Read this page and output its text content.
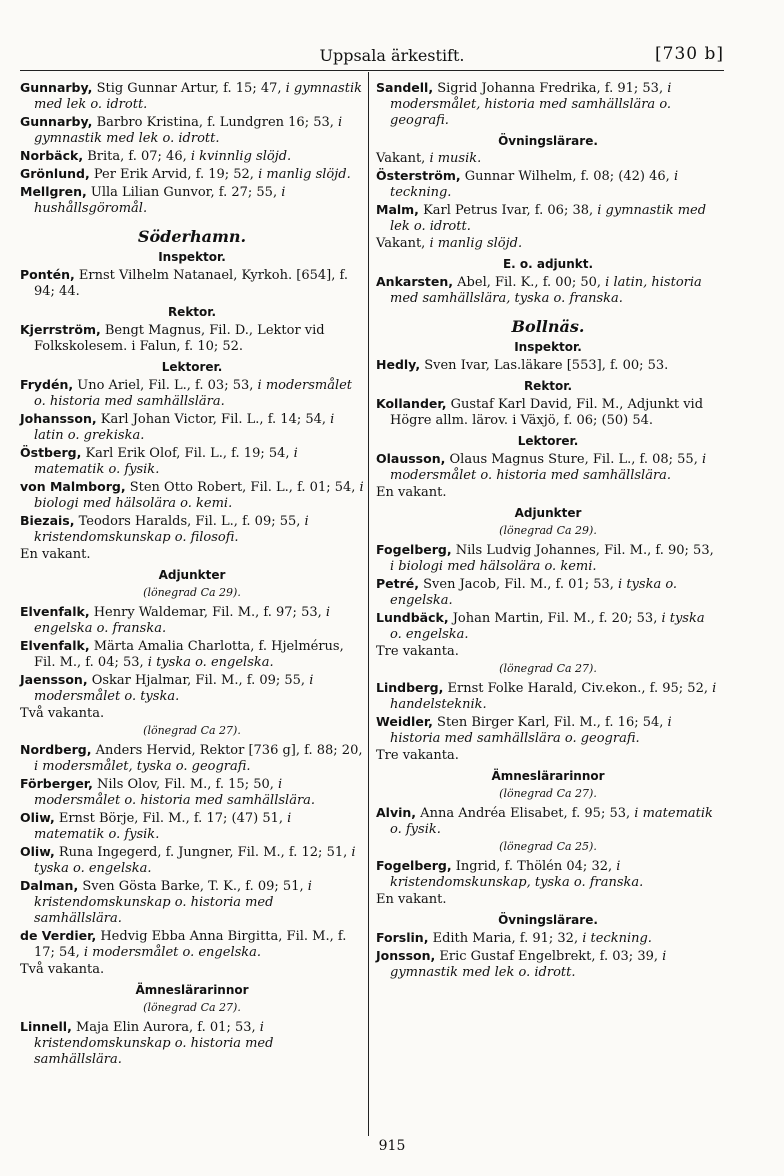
Uppsala ärkestift.	[730 b]
Gunnarby, Stig Gunnar Artur, f. 15; 47, i gymnastik med lek o. idrott.
Gunnarby, Barbro Kristina, f. Lundgren 16; 53, i gymnastik med lek o. idrott.
Norbäck, Brita, f. 07; 46, i kvinnlig slöjd.
Grönlund, Per Erik Arvid, f. 19; 52, i manlig slöjd.
Mellgren, Ulla Lilian Gunvor, f. 27; 55, i hushållsgöromål.
Söderhamn.
Inspektor.
Pontén, Ernst Vilhelm Natanael, Kyrkoh. [654], f. 94; 44.
Rektor.
Kjerrström, Bengt Magnus, Fil. D., Lektor vid Folkskolesem. i Falun, f. 10; 52.
Lektorer.
Frydén, Uno Ariel, Fil. L., f. 03; 53, i modersmålet o. historia med samhällslära.
Johansson, Karl Johan Victor, Fil. L., f. 14; 54, i latin o. grekiska.
Östberg, Karl Erik Olof, Fil. L., f. 19; 54, i matematik o. fysik.
von Malmborg, Sten Otto Robert, Fil. L., f. 01; 54, i biologi med hälsolära o. kemi.
Biezais, Teodors Haralds, Fil. L., f. 09; 55, i kristendomskunskap o. filosofi.
En vakant.
Adjunkter
(lönegrad Ca 29).
Elvenfalk, Henry Waldemar, Fil. M., f. 97; 53, i engelska o. franska.
Elvenfalk, Märta Amalia Charlotta, f. Hjelmérus, Fil. M., f. 04; 53, i tyska o. engelska.
Jaensson, Oskar Hjalmar, Fil. M., f. 09; 55, i modersmålet o. tyska.
Två vakanta.
(lönegrad Ca 27).
Nordberg, Anders Hervid, Rektor [736 g], f. 88; 20, i modersmålet, tyska o. geografi.
Förberger, Nils Olov, Fil. M., f. 15; 50, i modersmålet o. historia med samhällslära.
Oliw, Ernst Börje, Fil. M., f. 17; (47) 51, i matematik o. fysik.
Oliw, Runa Ingegerd, f. Jungner, Fil. M., f. 12; 51, i tyska o. engelska.
Dalman, Sven Gösta Barke, T. K., f. 09; 51, i kristendomskunskap o. historia med samhällslära.
de Verdier, Hedvig Ebba Anna Birgitta, Fil. M., f. 17; 54, i modersmålet o. engelska.
Två vakanta.
Ämneslärarinnor
(lönegrad Ca 27).
Linnell, Maja Elin Aurora, f. 01; 53, i kristendomskunskap o. historia med samhällslära.
Sandell, Sigrid Johanna Fredrika, f. 91; 53, i modersmålet, historia med samhällslära o. geografi.
Övningslärare.
Vakant, i musik.
Österström, Gunnar Wilhelm, f. 08; (42) 46, i teckning.
Malm, Karl Petrus Ivar, f. 06; 38, i gymnastik med lek o. idrott.
Vakant, i manlig slöjd.
E. o. adjunkt.
Ankarsten, Abel, Fil. K., f. 00; 50, i latin, historia med samhällslära, tyska o. franska.
Bollnäs.
Inspektor.
Hedly, Sven Ivar, Las.läkare [553], f. 00; 53.
Rektor.
Kollander, Gustaf Karl David, Fil. M., Adjunkt vid Högre allm. lärov. i Växjö, f. 06; (50) 54.
Lektorer.
Olausson, Olaus Magnus Sture, Fil. L., f. 08; 55, i modersmålet o. historia med samhällslära.
En vakant.
Adjunkter
(lönegrad Ca 29).
Fogelberg, Nils Ludvig Johannes, Fil. M., f. 90; 53, i biologi med hälsolära o. kemi.
Petré, Sven Jacob, Fil. M., f. 01; 53, i tyska o. engelska.
Lundbäck, Johan Martin, Fil. M., f. 20; 53, i tyska o. engelska.
Tre vakanta.
(lönegrad Ca 27).
Lindberg, Ernst Folke Harald, Civ.ekon., f. 95; 52, i handelsteknik.
Weidler, Sten Birger Karl, Fil. M., f. 16; 54, i historia med samhällslära o. geografi.
Tre vakanta.
Ämneslärarinnor
(lönegrad Ca 27).
Alvin, Anna Andréa Elisabet, f. 95; 53, i matematik o. fysik.
(lönegrad Ca 25).
Fogelberg, Ingrid, f. Thölén 04; 32, i kristendomskunskap, tyska o. franska.
En vakant.
Övningslärare.
Forslin, Edith Maria, f. 91; 32, i teckning.
Jonsson, Eric Gustaf Engelbrekt, f. 03; 39, i gymnastik med lek o. idrott.
915
